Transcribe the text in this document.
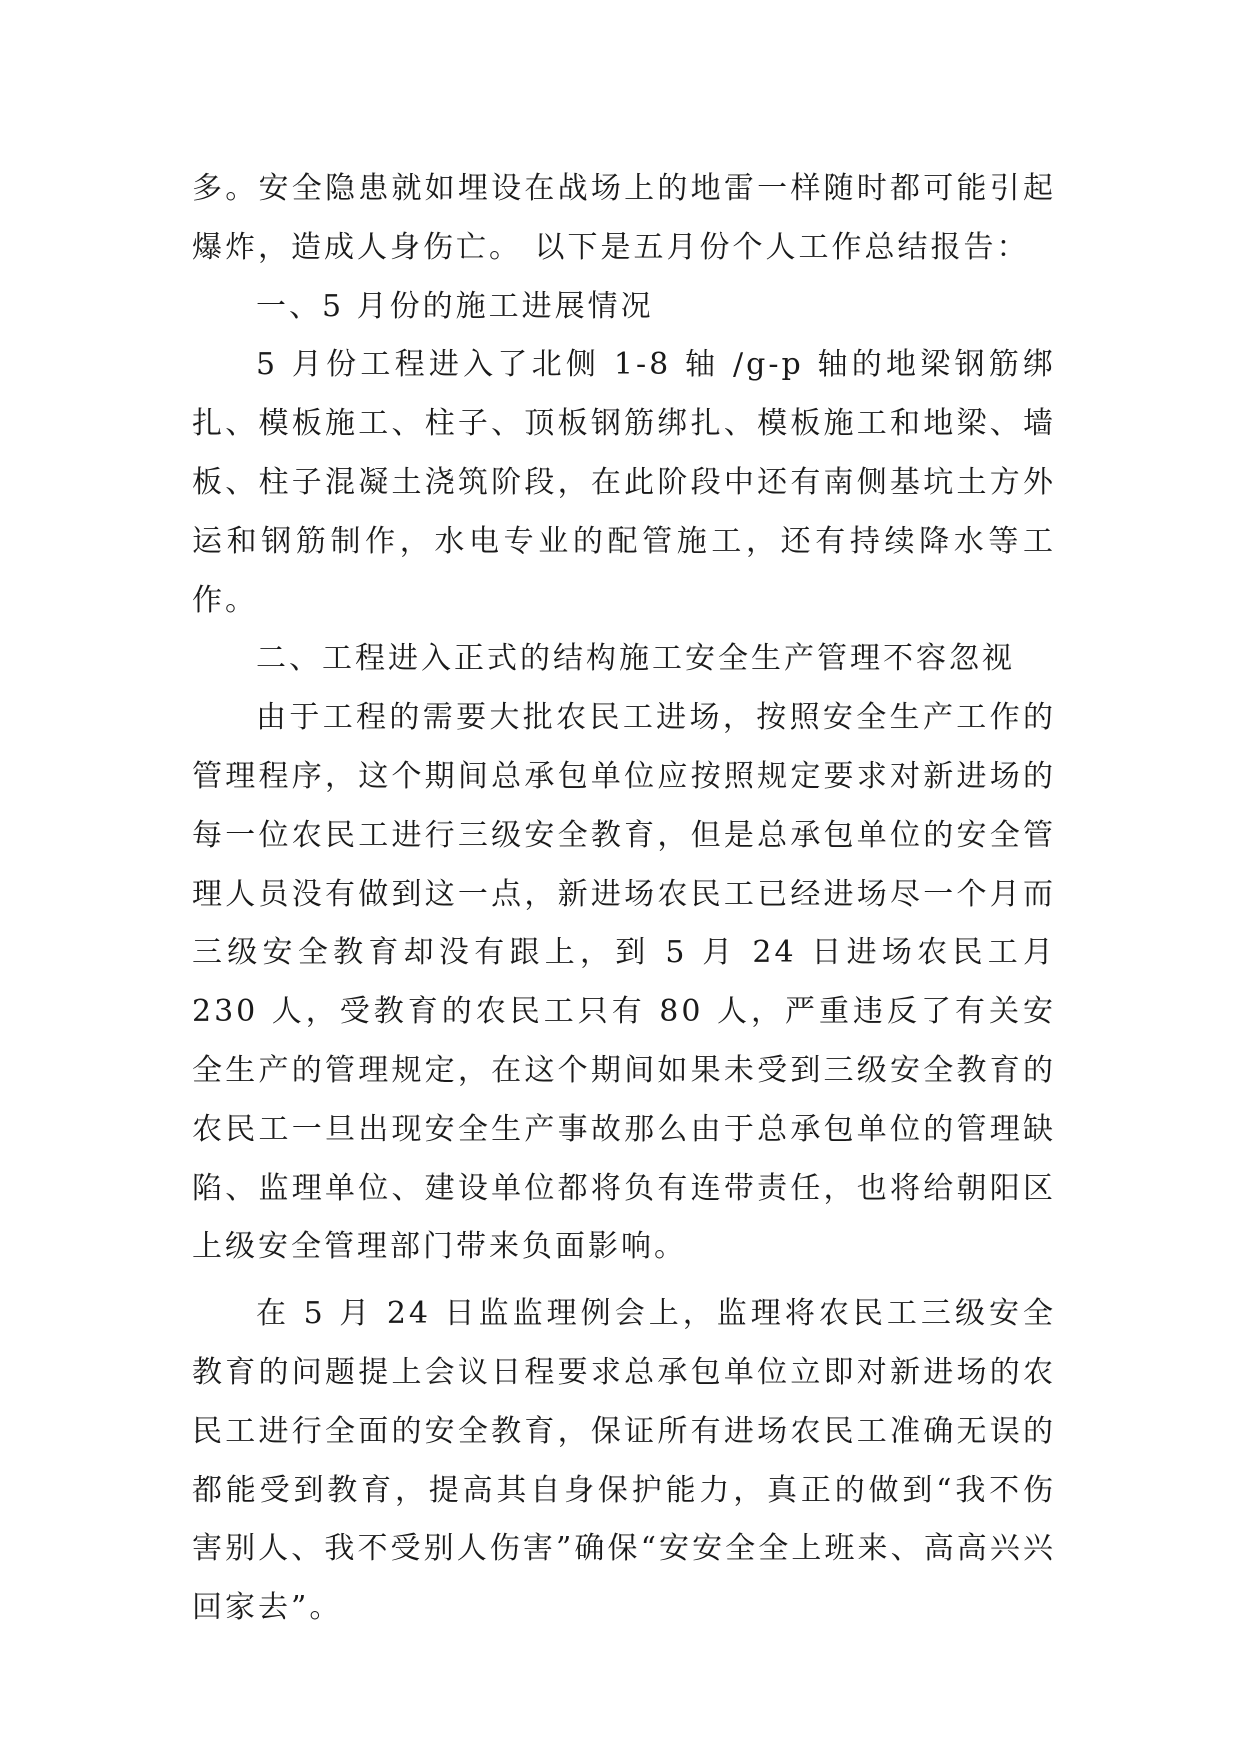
多。安全隐患就如埋设在战场上的地雷一样随时都可能引起爆炸，造成人身伤亡。 以下是五月份个人工作总结报告：

一、5 月份的施工进展情况

5 月份工程进入了北侧 1-8 轴 /g-p 轴的地梁钢筋绑扎、模板施工、柱子、顶板钢筋绑扎、模板施工和地梁、墙板、柱子混凝土浇筑阶段，在此阶段中还有南侧基坑土方外运和钢筋制作，水电专业的配管施工，还有持续降水等工作。

二、工程进入正式的结构施工安全生产管理不容忽视

由于工程的需要大批农民工进场，按照安全生产工作的管理程序，这个期间总承包单位应按照规定要求对新进场的每一位农民工进行三级安全教育，但是总承包单位的安全管理人员没有做到这一点，新进场农民工已经进场尽一个月而三级安全教育却没有跟上，到 5 月 24 日进场农民工月 230 人，受教育的农民工只有 80 人，严重违反了有关安全生产的管理规定，在这个期间如果未受到三级安全教育的农民工一旦出现安全生产事故那么由于总承包单位的管理缺陷、监理单位、建设单位都将负有连带责任，也将给朝阳区上级安全管理部门带来负面影响。

在 5 月 24 日监监理例会上，监理将农民工三级安全教育的问题提上会议日程要求总承包单位立即对新进场的农民工进行全面的安全教育，保证所有进场农民工准确无误的都能受到教育，提高其自身保护能力，真正的做到“我不伤害别人、我不受别人伤害”确保“安安全全上班来、高高兴兴回家去”。
